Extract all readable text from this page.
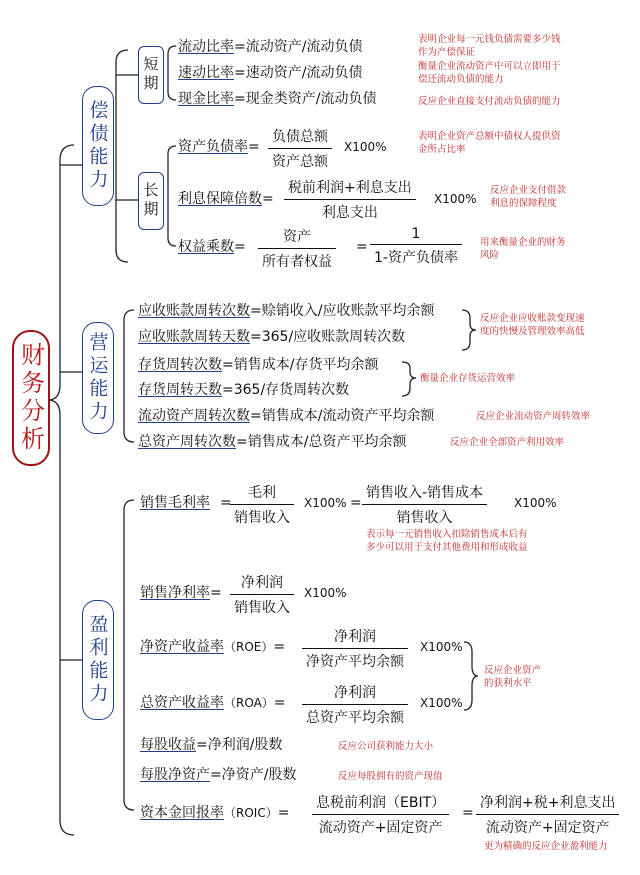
财务分析
偿债能力
营运能力
盈利能力
短期
长期
流动比率=流动资产/流动负债	表明企业每一元钱负债需要多少钱
作为产偿保证
速动比率=速动资产/流动负债	衡量企业流动资产中可以立即用于
偿还流动负债的能力
现金比率=现金类资产/流动负债	反应企业直接支付流动负债的能力
资产负债率=
负债总额
资产总额
X100%
表明企业资产总额中债权人提供资
金所占比率
利息保障倍数=
税前利润+利息支出
利息支出
X100%
反应企业支付借款
利息的保障程度
权益乘数=
资产
所有者权益
=
1
1-资产负债率
用来衡量企业的财务
风险
应收账款周转次数=赊销收入/应收账款平均余额
应收账款周转天数=365/应收账款周转次数
反应企业应收账款变现速
度的快慢及管理效率高低
存货周转次数=销售成本/存货平均余额
存货周转天数=365/存货周转次数
衡量企业存货运营效率
流动资产周转次数=销售成本/流动资产平均余额	反应企业流动资产周转效率
总资产周转次数=销售成本/总资产平均余额	反应企业全部资产利用效率
销售毛利率 =
毛利
销售收入
X100% =
销售收入-销售成本
销售收入
X100%
表示每一元销售收入扣除销售成本后有
多少可以用于支付其他费用和形成收益
销售净利率=
净利润
销售收入
X100%
净资产收益率（ROE）=
净利润
净资产平均余额
X100%
总资产收益率（ROA）=
净利润
总资产平均余额
X100%
反应企业资产
的获利水平
每股收益=净利润/股数	反应公司获利能力大小
每股净资产=净资产/股数	反应每股拥有的资产现值
资本金回报率（ROIC）=
息税前利润（EBIT）
流动资产+固定资产
=
净利润+税+利息支出
流动资产+固定资产
更为精确的反应企业盈利能力
